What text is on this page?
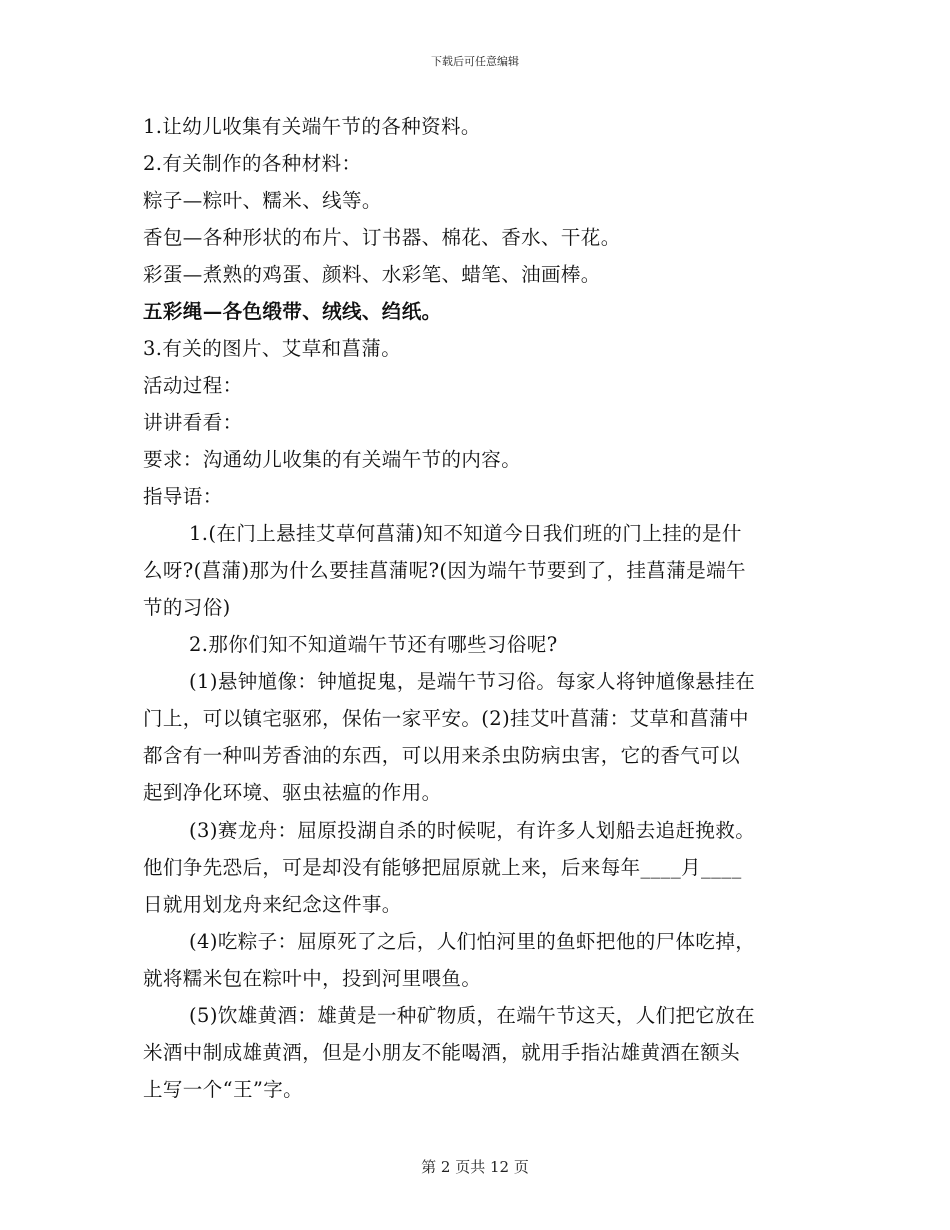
下载后可任意编辑
1.让幼儿收集有关端午节的各种资料。
2.有关制作的各种材料：
粽子—粽叶、糯米、线等。
香包—各种形状的布片、订书器、棉花、香水、干花。
彩蛋—煮熟的鸡蛋、颜料、水彩笔、蜡笔、油画棒。
五彩绳—各色缎带、绒线、绉纸。
3.有关的图片、艾草和菖蒲。
活动过程：
讲讲看看：
要求：沟通幼儿收集的有关端午节的内容。
指导语：
1.(在门上悬挂艾草何菖蒲)知不知道今日我们班的门上挂的是什
么呀?(菖蒲)那为什么要挂菖蒲呢?(因为端午节要到了，挂菖蒲是端午
节的习俗)
2.那你们知不知道端午节还有哪些习俗呢?
(1)悬钟馗像：钟馗捉鬼，是端午节习俗。每家人将钟馗像悬挂在
门上，可以镇宅驱邪，保佑一家平安。(2)挂艾叶菖蒲：艾草和菖蒲中
都含有一种叫芳香油的东西，可以用来杀虫防病虫害，它的香气可以
起到净化环境、驱虫祛瘟的作用。
(3)赛龙舟：屈原投湖自杀的时候呢，有许多人划船去追赶挽救。
他们争先恐后，可是却没有能够把屈原就上来，后来每年____月____
日就用划龙舟来纪念这件事。
(4)吃粽子：屈原死了之后，人们怕河里的鱼虾把他的尸体吃掉，
就将糯米包在粽叶中，投到河里喂鱼。
(5)饮雄黄酒：雄黄是一种矿物质，在端午节这天，人们把它放在
米酒中制成雄黄酒，但是小朋友不能喝酒，就用手指沾雄黄酒在额头
上写一个“王”字。
第 2 页共 12 页
